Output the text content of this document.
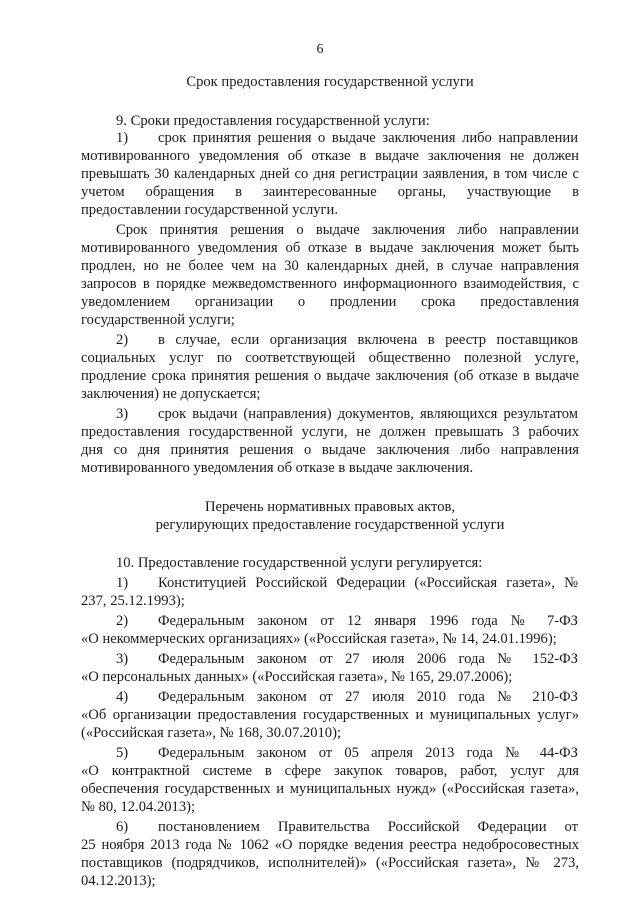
6
Срок предоставления государственной услуги
9. Сроки предоставления государственной услуги:
1) срок принятия решения о выдаче заключения либо направлении
мотивированного уведомления об отказе в выдаче заключения не должен
превышать 30 календарных дней со дня регистрации заявления, в том числе с
учетом обращения в заинтересованные органы, участвующие в
предоставлении государственной услуги.
Срок принятия решения о выдаче заключения либо направлении
мотивированного уведомления об отказе в выдаче заключения может быть
продлен, но не более чем на 30 календарных дней, в случае направления
запросов в порядке межведомственного информационного взаимодействия, с
уведомлением организации о продлении срока предоставления
государственной услуги;
2) в случае, если организация включена в реестр поставщиков
социальных услуг по соответствующей общественно полезной услуге,
продление срока принятия решения о выдаче заключения (об отказе в выдаче
заключения) не допускается;
3) срок выдачи (направления) документов, являющихся результатом
предоставления государственной услуги, не должен превышать 3 рабочих
дня со дня принятия решения о выдаче заключения либо направления
мотивированного уведомления об отказе в выдаче заключения.
Перечень нормативных правовых актов,
регулирующих предоставление государственной услуги
10. Предоставление государственной услуги регулируется:
1) Конституцией Российской Федерации («Российская газета», №
237, 25.12.1993);
2) Федеральным законом от 12 января 1996 года № 7-ФЗ
«О некоммерческих организациях» («Российская газета», № 14, 24.01.1996);
3) Федеральным законом от 27 июля 2006 года № 152-ФЗ
«О персональных данных» («Российская газета», № 165, 29.07.2006);
4) Федеральным законом от 27 июля 2010 года № 210-ФЗ
«Об организации предоставления государственных и муниципальных услуг»
(«Российская газета», № 168, 30.07.2010);
5) Федеральным законом от 05 апреля 2013 года № 44-ФЗ
«О контрактной системе в сфере закупок товаров, работ, услуг для
обеспечения государственных и муниципальных нужд» («Российская газета»,
№ 80, 12.04.2013);
6) постановлением Правительства Российской Федерации от
25 ноября 2013 года № 1062 «О порядке ведения реестра недобросовестных
поставщиков (подрядчиков, исполнителей)» («Российская газета», № 273,
04.12.2013);
